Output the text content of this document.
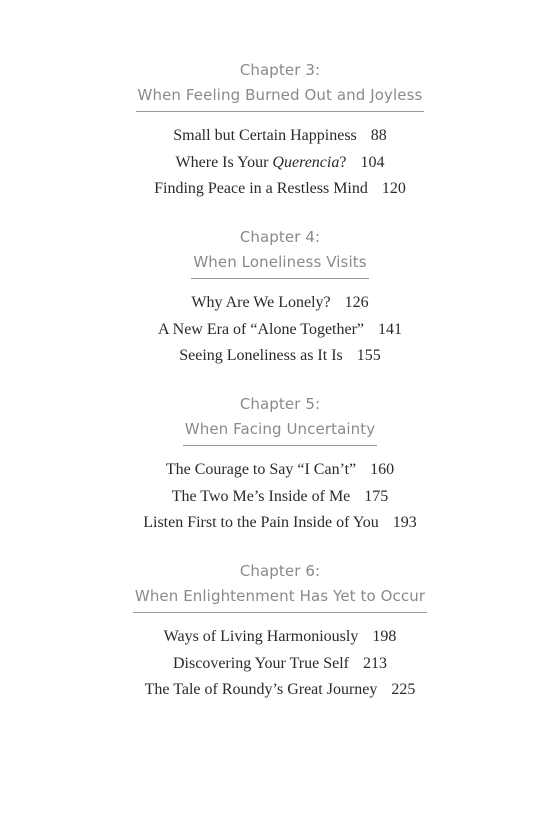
Chapter 3:
When Feeling Burned Out and Joyless
Small but Certain Happiness 88
Where Is Your Querencia? 104
Finding Peace in a Restless Mind 120
Chapter 4:
When Loneliness Visits
Why Are We Lonely? 126
A New Era of “Alone Together” 141
Seeing Loneliness as It Is 155
Chapter 5:
When Facing Uncertainty
The Courage to Say “I Can’t” 160
The Two Me’s Inside of Me 175
Listen First to the Pain Inside of You 193
Chapter 6:
When Enlightenment Has Yet to Occur
Ways of Living Harmoniously 198
Discovering Your True Self 213
The Tale of Roundy’s Great Journey 225
